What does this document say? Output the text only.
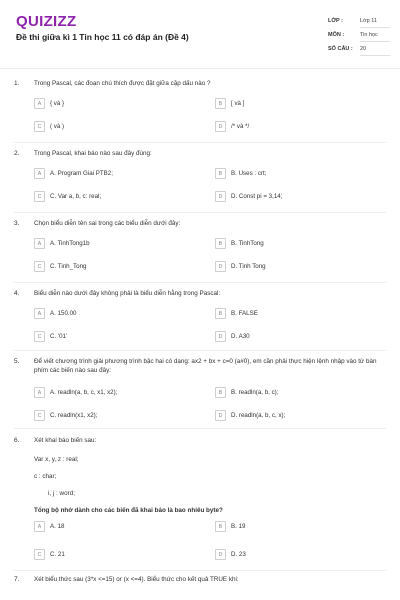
QUIZIZZ
Đề thi giữa kì 1 Tin học 11 có đáp án (Đề 4)
LỚP :	Lớp 11
MÔN :	Tin học
SỐ CÂU : 20
1. Trong Pascal, các đoạn chú thích được đặt giữa cặp dấu nào ?
A	{ và }	B	[ và ]
C	( và )	D	/* và */
2. Trong Pascal, khai báo nào sau đây đúng:
A	A. Program Giai PTB2;	B	B. Uses : crt;
C	C. Var a, b, c: real;	D	D. Const pi = 3,14;
3. Chọn biểu diễn tên sai trong các biểu diễn dưới đây:
A	A. TinhTong1b	B	B. TinhTong
C	C. Tinh_Tong	D	D. Tinh Tong
4. Biểu diễn nào dưới đây không phải là biểu diễn hằng trong Pascal:
A	A. 150.00	B	B. FALSE
C	C. '01'	D	D. A30
5. Để viết chương trình giải phương trình bậc hai có dạng: ax2 + bx + c=0 (a#0), em cần phải thực hiện lệnh nhập vào từ bàn phím các biến nào sau đây:
A	A. readln(a, b, c, x1, x2);	B	B. readln(a, b, c);
C	C. readln(x1, x2);	D	D. readln(a, b, c, x);
6. Xét khai báo biến sau:
Var x, y, z : real;
c : char;
i, j : word;
Tổng bộ nhớ dành cho các biến đã khai báo là bao nhiêu byte?
A	A. 18	B	B. 19
C	C. 21	D	D. 23
7. Xét biểu thức sau (3*x <=15) or (x <=4). Biểu thức cho kết quả TRUE khi:
